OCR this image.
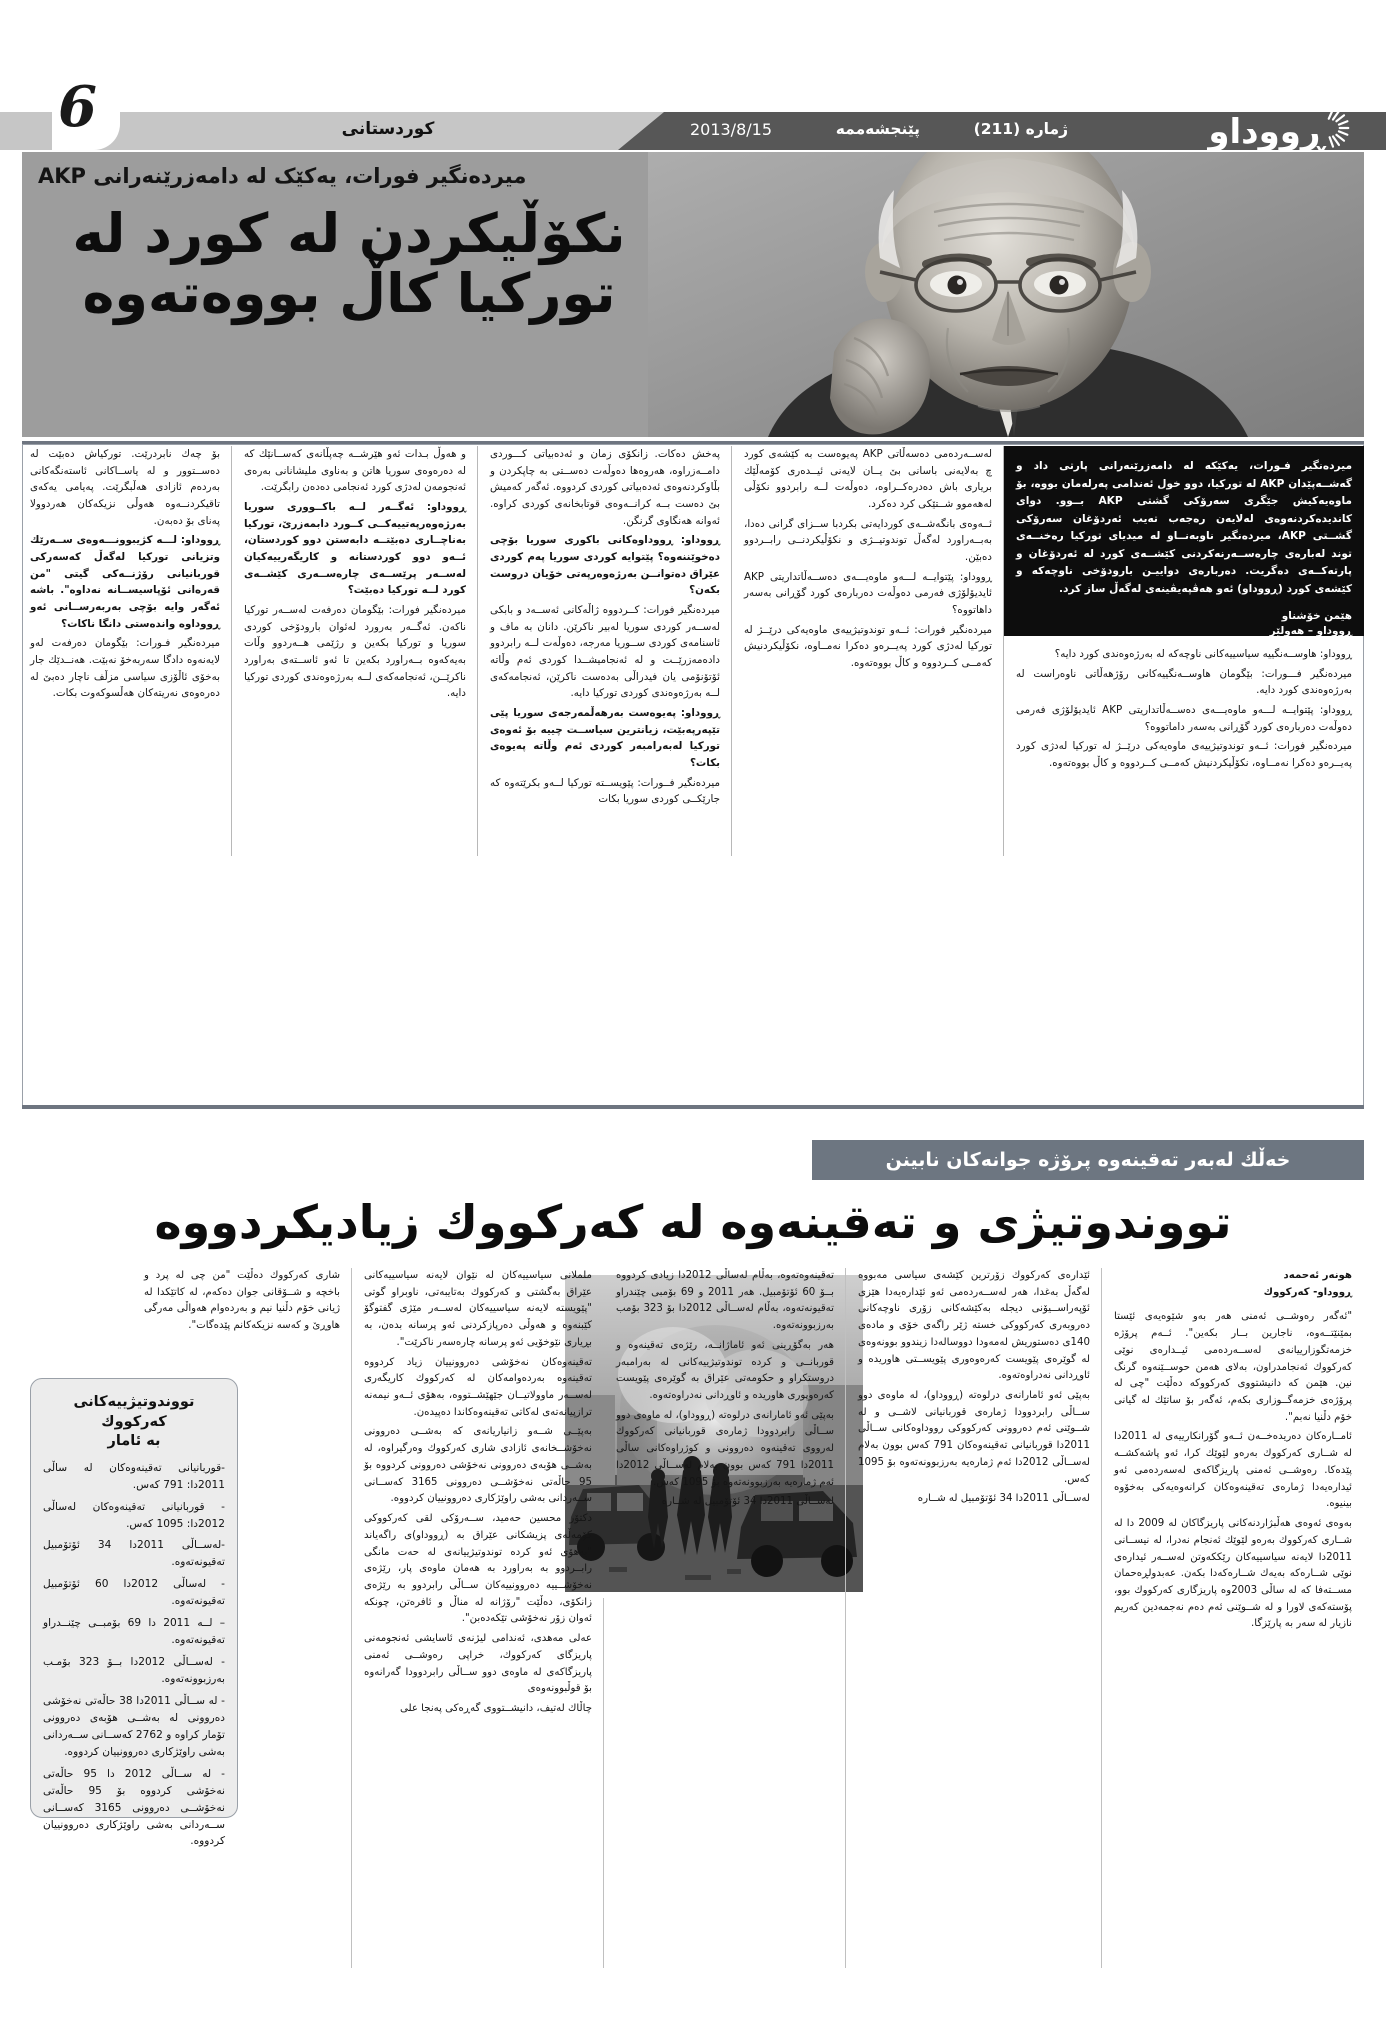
6	كوردستانی	2013/8/15	پێنجشەممە	ژماره (211)	ڕووداو
میردەنگیر فورات، یەکێک له دامەزرێنەرانی AKP
نكۆڵیكردن له كورد له
توركیا كاڵ بووەتەوە

ڕووداو: ھاوســەنگییە سیاسییەكانی ناوچەكە لە بەرژەوەندی كورد دایە؟

میردەنگیر فـــورات: بێگومان ھاوســەنگییەكانی رۆژھەڵاتی ناوەراست له بەرژەوەندی كورد دایە.

ڕووداو: پێتوایــە لـــەو ماوەیـــەی دەســەڵاتداریتی AKP ئایدیۆلۆژی فەرمی دەوڵەت دەربارەی كورد گۆڕانی بەسەر داماتووە؟

میردەنگیر فورات: ئــەو توندوتیژییەی ماوەیەكی درێــژ لە توركیا لەدژی كورد پەیــرەو دەكرا نەمــاوە، نكۆڵیكردنیش كەمــی كــردووە و كاڵ بووەتەوە.

لەســەردەمی دەسەڵاتی AKP پەیوەست به كێشەی كورد چ بەلایەنی باسانی بێ یــان لایەنی ئیــدەری كۆمەڵێك بریاری باش دەدرەكــراوه، دەوڵەت لــه رابردوو نكۆڵی لەھەموو شــتێكی كرد دەكرد.

ئــەوەی بانگەشــەی كوردایەتی بكردبا ســزای گرانی دەدا، بەبــەراورد لەگەڵ توندوتیــژی و نكۆڵیكردنــی رابــردوو دەبێن.

ڕووداو: پێتوایــە لـــەو ماوەیـــەی دەســەڵاتداریتی AKP ئایدیۆلۆژی فەرمی دەوڵەت دەربارەی كورد گۆڕانی بەسەر داھاتووە؟

میردەنگیر فورات: ئــەو توندوتیژییەی ماوەیەكی درێــژ له توركیا لەدژی كورد پەیــرەو دەكرا نەمــاوە، نكۆڵیكردنیش كەمــی كــردووه و كاڵ بووەتەوه.

پەخش دەكات. زانكۆی زمان و ئەدەبیاتی كـــوردی دامــەزراوه، ھەروەھا دەوڵەت دەســتی به چاپكردن و بڵاوكردنەوەی ئەدەبیاتی كوردی كردووه. ئەگەر كەمیش بێ دەست بــه كرانــەوەی قوتابخانەی كوردی كراوه. ئەوانه ھەنگاوی گرنگن.

ڕووداو: ڕووداوەكانی باكوری سوریا بۆچی دەخوێننەوە؟ پێتوایە كوردی سوریا پەم كوردی عێراق دەتوانــن بەرژەوەرپەتی خۆیان دروست بكەن؟

میردەنگیر فورات: كــردووە ژاڵەكانی ئەســەد و بابكی لەســەر كوردی سوریا لەبیر ناكرێن. دانان بە ماف و ئاسنامەی كوردی ســوریا مەرجه، دەوڵەت لــه رابردوو دادەمەزرێــت و له ئەنجامیشــدا كوردی ئەم وڵاتە ئۆتۆنۆمی یان فیدراڵی بەدەست ناكرێن، ئەنجامەكەی لــه بەرژەوەندی كوردی توركیا دایه.

ڕووداو: پەیوەست بەرھەڵمەرجەی سوریا پێی تێپەرپەبێت، زیانترین سیاســت چییه بۆ ئەوەی توركیا لەبەرامبەر كوردی ئەم وڵاتە پەیوەی بكات؟

میردەنگیر فــورات: پێویســته توركیا لــەو بكرێتەوە كه جارێكــی كوردی سوریا بكات

و ھەوڵ بـدات ئەو ھێرشــه چەپڵانەی كەســانێك كه له دەرەوەی سوریا ھاتن و بەناوی ملیشانانی بەرەی ئەنجومەن لەدژی كورد ئەنجامی دەدەن رابگرێت.

ڕووداو: ئەگــەر لــه باكــوورى سوریا بەرژەوەرپەتییەكــی كــورد دابمەزرێ، توركیا بەناچــاری دەبێتــه دابەستن دوو كوردستان، ئــەو دوو كوردستانە و كاریگەرییەكیان لەســەر پرێســەی چارەســەری كێشــەی كورد لــه توركیا دەبێت؟

میردەنگیر فورات: بێگومان دەرفەت لەســەر توركیا ناكەن. ئەگــەر بەرورد لەئوان بارودۆخی كوردی سوریا و توركیا بكەین و رژێمی ھــەردوو وڵات بەیەكەوه بــەراورد بكەین تا ئەو ئاســتەی بەراورد ناكرێــن، ئەنجامەكەی لــه بەرژەوەندی كوردی توركیا دایه.

بۆ چەك نابردرێت. توركیاش دەبێت له دەســتوور و له یاســاكانی ئاستەنگەكانی بەردەم ئازادی ھەڵبگرێت. پەیامی یەكەی تاقیكردنــەوە ھەوڵی نزیكەكان ھەردوولا پەنای بۆ دەبەن.

ڕووداو: لـــه كژیبوونـــەوەی ســەرێك وتزیانی توركیا لەگەڵ كەسەركی قوربانیانی رۆژنــەكی گیتی "من قەرەانی ئۆپاسیســانە نەداوه". باشه ئەگەر وایه بۆچی بەربەرســانی ئەو ڕووداوە واندەستی دانگا ناكات؟

میردەنگیر فـورات: بێگومان دەرفەت لەو لایەنەوه دادگا سەربەخۆ نەبێت. ھەنــدێك جار بەخۆی ئاڵۆزی سیاسی مزڵف ناچار دەبێ له دەرەوەی نەریتەكان ھەڵسوكەوت بكات.

میردەنگیر فـورات، یەكێكە له دامەزرێنەرانی پارتی داد و گەشــەپێدان AKP له تورکیا، دوو خول ئەندامی پەرلەمان بووه، بۆ ماوەیەكیش جێگری سەرۆكی گشتی AKP بــوو. دوای کاندیدەكردنەوەی لەلایەن رەجەب تەیب ئەردۆغان سەرۆكی گشــتی AKP، میردەنگیر ناوبەنــاو له میدیای توركیا رەخنــەی توند لەبارەی چارەســەرنەكردنی كێشــەی كورد له ئەردۆغان و پارتەكــەی دەگریت. دەربارەی دواییـن بارودۆخی ناوچەكە و كێشەی كورد (ڕووداو) ئەو ھەڤپەیڤینەی لەگەڵ ساز كرد.
ھێمن خۆشناو
ڕووداو – ھەولێر
خەڵك لەبەر تەقینەوە پرۆژە جوانەكان نابینن
تووندوتیژی و تەقینەوە له كەركووك زیادیكردووە

ھونەر ئەحمەد

ڕووداو- كەركووك

"ئەگەر رەوشــی ئەمنی ھەر بەو شێوەیەی ئێستا بمێنێتــەوە، ناجارین بــار بكەین". ئــەم پرۆژە خزمەتگوزارییانەی لەســەردەمی ئیــدارەی نوێی كەركووك ئەنجامدراون، بەلای ھەمن حوســێنەوە گرنگ نین. ھێمن كه دانیشتووی كەركووكه دەڵێت "چی له پرۆژەی خزمەگــوزاری بكەم، ئەگەر بۆ ساتێك له گیانی خۆم دڵنیا نەبم".

ئامــارەكان دەریدەخــەن ئــەو گۆرانكارییەی لە 2011دا له شــاری كەركووك بەرەو لێوێك كرا، ئەو پاشەكشــه پێدەكا. رەوشــی ئەمنی پاریزگاكەی لەسەردەمی ئەو ئیدارەیەدا ژمارەی تەقینەوەكان كرانەوەیەكی بەخۆوه بینیوە.

بەوەی ئەوەی ھەڵبژاردنەكانی پاریزگاكان لە 2009 دا له شــاری كەركووك بەرەو لێوێك ئەنجام نەدرا، لە نیســانی 2011دا لایەنە سیاسییەكان رێككەوتن لەســەر ئیدارەی نوێی شــارەكە بەیەك شــارەكەدا بكەن. عەبدولڕەحمان مســتەفا كه له ساڵی 2003وه پاریزگاری كەركووك بوو، پۆستەكەی لاورا و له شــوێنی ئەم دەم نەجمەدین كەریم نازیار له سەر به پارێزگا.

ئێدارەی كەركووك زۆرترین كێشەی سیاسی مەبووە لەگەڵ بەغدا، ھەر لەســەردەمی ئەو ئێدارەیەدا ھێزی ئۆپەراســیۆنی دیجله بەكێشەكانی زۆری ناوچەكانی دەروبەری كەركووكی خسته ژێر راگەی خۆی و مادەی 140ی دەستوریش لەمەودا دووسالەدا زیندوو بوونەوەی لە گوێرەی پێویست كەرەوەوری پێویســتی ھاوریده و ئاوڕدانی نەدراوەتەوە.

بەپێی ئەو ئامارانەی درلوەته (ڕووداو)، لە ماوەی دوو ســاڵی رابردوودا ژمارەی قوربانیانی لاشــی و له شــوێنی ئەم دەروونی كەركووكی رووداوەكانی ســاڵی 2011دا قوربانیانی تەقینەوەكان 791 كەس بوون بەلام لەســاڵی 2012دا ئەم ژمارەیە بەرزبوونەتەوە بۆ 1095 كەس.

لەســاڵی 2011دا 34 ئۆتۆمبیل لە شــاره

تەقینەوەتەوە، بەڵام لەساڵی 2012دا زیادی كردووه بــۆ 60 ئۆتۆمبیل. ھەر 2011 و 69 بۆمبی چێندراو تەقیونەتەوە، بەڵام لەســاڵی 2012دا بۆ 323 بۆمب بەرزبوونەتەوە.

ھەر بەگۆڕینی ئەو ئاماژانــە، رێژەی تەقینەوە و قوربانــی و كردە توندوتیژییەكانی لە بەرامبەر دروستكراو و حكومەتی عێراق به گوێرەی پێویست كەرەوپوری ھاوریده و ئاوڕدانی نەدراوەتەوە.

بەپێی ئەو ئامارانەی درلوەته (ڕووداو)، لە ماوەی دوو ســاڵی رابردوودا ژمارەی قوربانیانی كەركووك لەرووی تەقینەوە دەروونی و كوژراوەكانی ساڵی 2011دا 791 كەس بوون بەلام لەســاڵی 2012دا ئەم ژمارەیە بەرزبوونەتەوە بۆ 1095 كەس.

لەســاڵی 2011دا 34 ئۆتۆمبیل لە شــاره

ململانی سیاسییەكان له نێوان لایەنە سیاسییەكانی عێراق بەگشتی و كەركووك بەتایبەتی، ناوبراو گوتی "پێویسته لایەنە سیاسییەكان لەســەر مێژی گفتوگۆ كێبنەوه و ھەوڵی دەرپازكردنی ئەو پرسانه بدەن، به بڕیاری نێوخۆیی ئەو پرسانه چارەسەر ناكرێت".

تەقینەوەكان نەخۆشی دەروونییان زیاد كردووه تەقینەوە بەردەوامەكان له كەركووك كاریگەری لەســەر ماوولاتیــان جێھێشــتووه، بەھۆی ئــەو نیمەنه ترازپیانەتەی لەكاتی تەقینەوەكاندا دەپیدەن.

بەپێــی شــەو زانیاریانەی كه بەشــی دەروونی نەخۆشــخانەی ئازادی شاری كەركووك وەرگیراوە، له بەشــی ھۆبەی دەروونی نەخۆشی دەروونی كردووه بۆ 95 حاڵەتی نەخۆشــی دەروونی 3165 كەســانی ســەردانی بەشی راوێژكاری دەروونییان كردووە.

دكتۆر محسین حەمید، ســەرۆكی لقی كەركووكی كۆمەڵەی پزیشكانی عێراق به (ڕووداو)ی راگەیاند "بەھۆی ئەو كردە توندوتیژییانەی له حەت مانگی رابــردوو به بەراورد به ھەمان ماوەی پار، رێژەی نەخۆشــییە دەروونییەكان ســاڵی رابردوو به رێژەی زانكۆی، دەڵێت "رۆژانه له مناڵ و ئافرەتن، چونكە ئەوان زۆر نەخۆشی تێكەدەبن".

عەلی مەھدی، ئەندامی لیژنەی ئاسایشی ئەنجومەنی پاریزگای كەركووك، خراپی رەوشــی ئەمنی پاریزگاكەی له ماوەی دوو ســاڵی رابردوودا گەرانەوه بۆ قوڵبوونەوەی

چاڵاك لەتیف، دانیشــتووی گەڕەكی پەنجا علی

شاری كەركووك دەڵێت "من چی له پرد و باخچه و شــۆقانی جوان دەكەم، له كاتێكدا له ژیانی خۆم دڵنیا نیم و بەردەوام ھەواڵی مەرگی ھاوڕێ و كەسه نزیكەكانم پێدەگات".

تووندوتیژییەكانی كەركووك
به ئامار
-قوربانیانی تەقینەوەكان له ساڵی 2011دا: 791 كەس.
- قوربانیانی تەقینەوەكان لەساڵی 2012دا: 1095 كەس.
-لەســاڵی 2011دا 34 ئۆتۆمبیل تەقیونەتەوە.
- لەساڵی 2012دا 60 ئۆتۆمبیل تەقیونەتەوە.
– لــه 2011 دا 69 بۆمبــی چێنــدراو تەقیونەتەوە.
- لەســاڵی 2012دا بــۆ 323 بۆمـب بەرزبوونەتەوە.
- لە ســاڵی 2011دا 38 حاڵەتی نەخۆشی دەروونی له بەشــی ھۆبەی دەروونی تۆمار كراوە و 2762 كەســانی ســەردانی بەشی راوێژكاری دەروونییان كردووه.
- لە ســاڵی 2012 دا 95 حاڵەتی نەخۆشی كردووە بۆ 95 حاڵەتی نەخۆشــی دەروونی 3165 كەســانی ســەردانی بەشی راوێژكاری دەروونییان كردووە.
